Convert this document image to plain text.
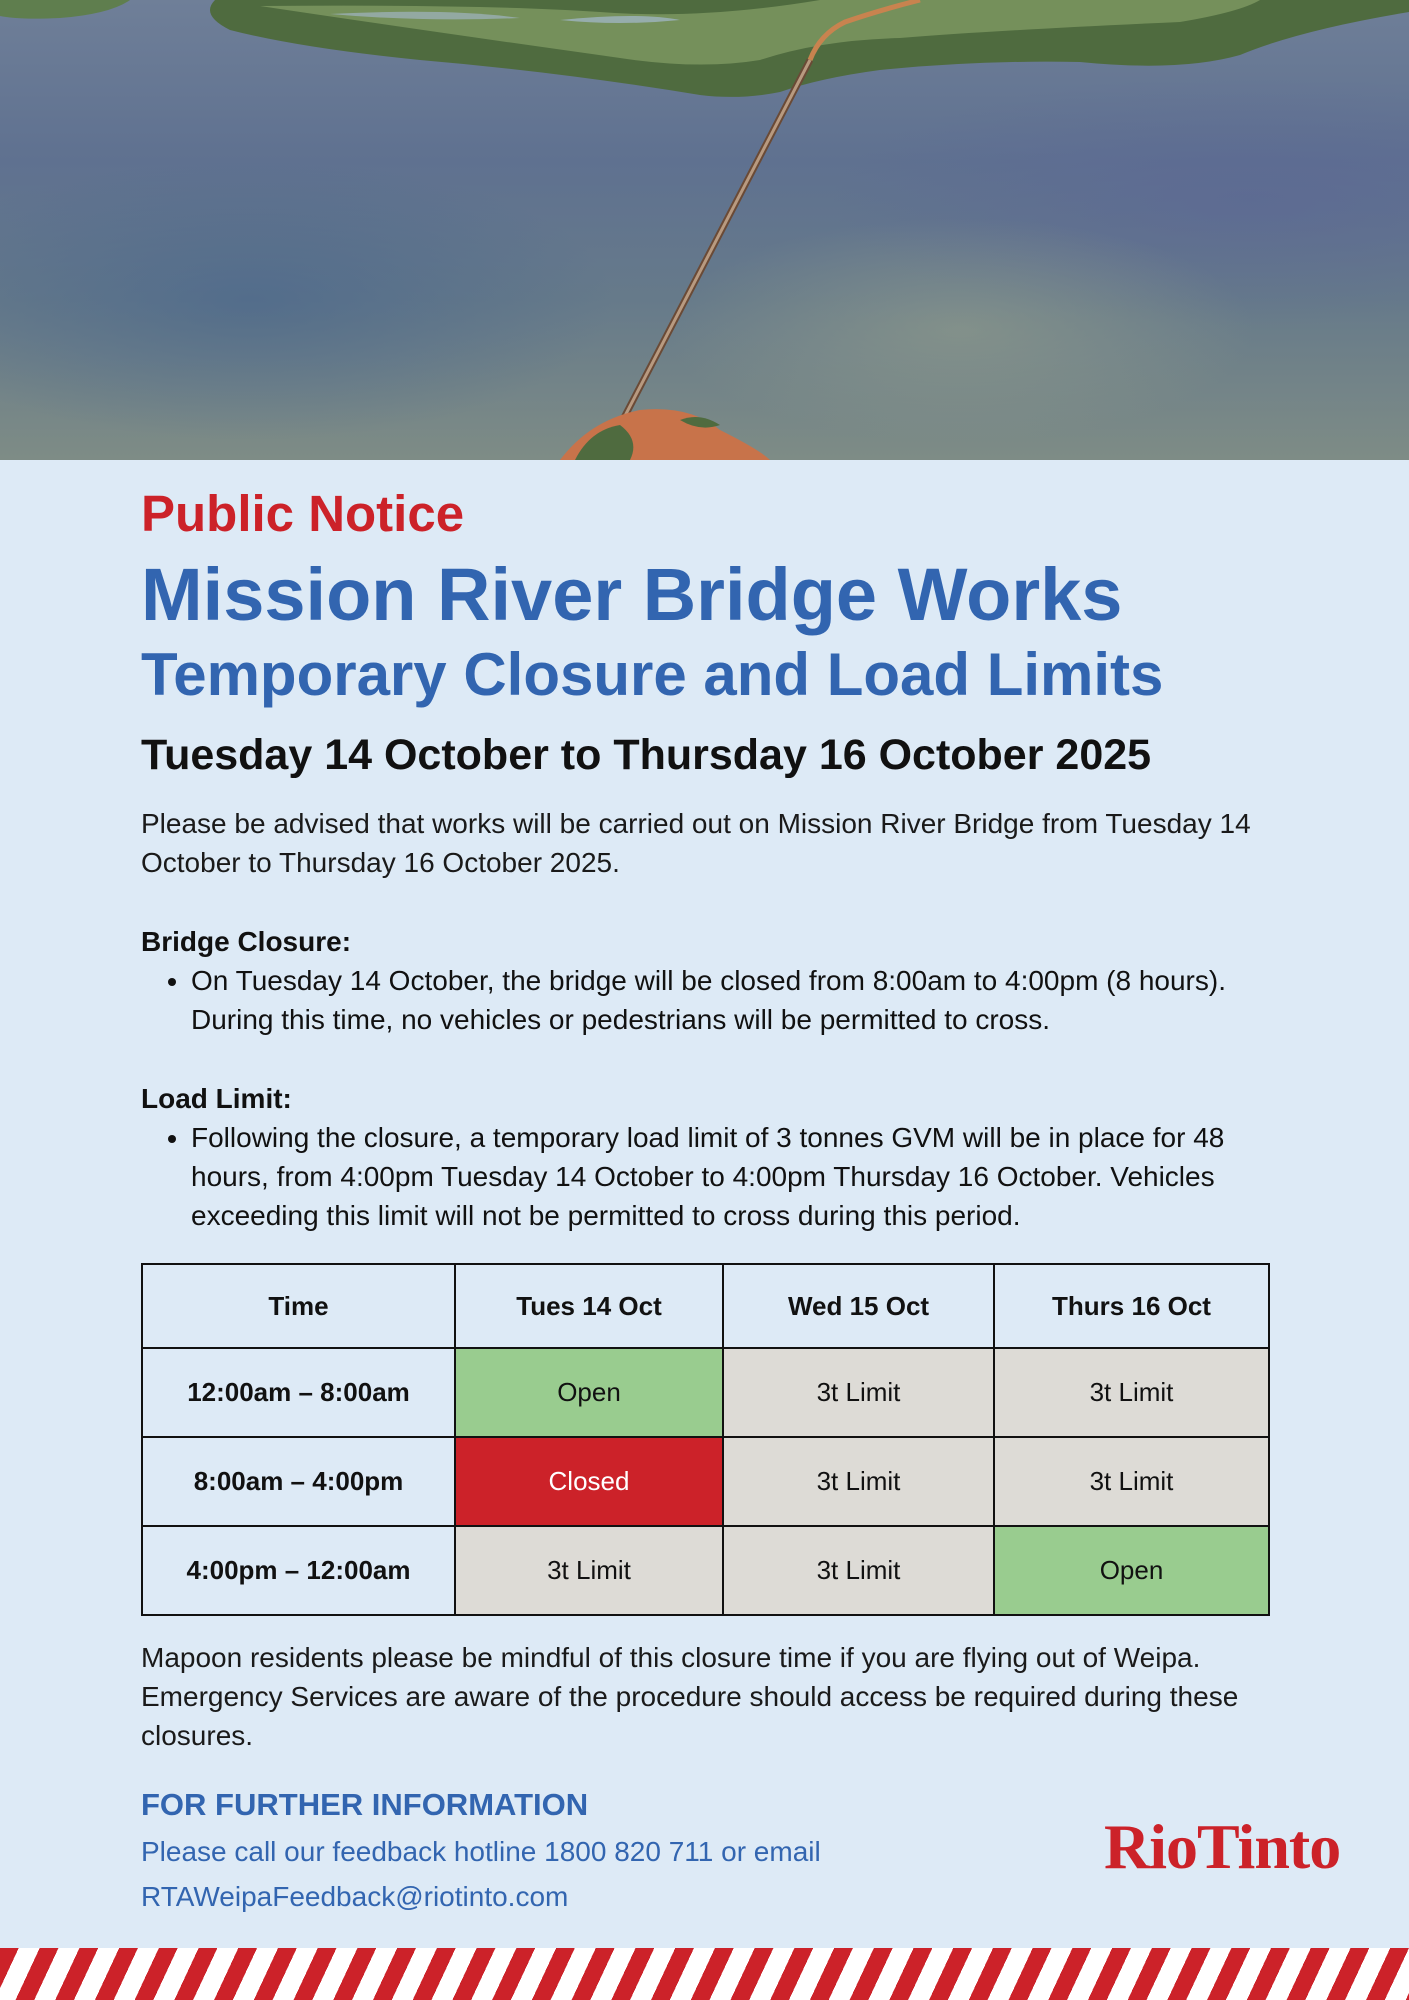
Public Notice
Mission River Bridge Works
Temporary Closure and Load Limits
Tuesday 14 October to Thursday 16 October 2025

Please be advised that works will be carried out on Mission River Bridge from Tuesday 14 October to Thursday 16 October 2025.

Bridge Closure:
• On Tuesday 14 October, the bridge will be closed from 8:00am to 4:00pm (8 hours). During this time, no vehicles or pedestrians will be permitted to cross.
Load Limit:
• Following the closure, a temporary load limit of 3 tonnes GVM will be in place for 48 hours, from 4:00pm Tuesday 14 October to 4:00pm Thursday 16 October. Vehicles exceeding this limit will not be permitted to cross during this period.
Time	Tues 14 Oct	Wed 15 Oct	Thurs 16 Oct
12:00am – 8:00am	Open	3t Limit	3t Limit
8:00am – 4:00pm	Closed	3t Limit	3t Limit
4:00pm – 12:00am	3t Limit	3t Limit	Open

Mapoon residents please be mindful of this closure time if you are flying out of Weipa. Emergency Services are aware of the procedure should access be required during these closures.

FOR FURTHER INFORMATION
Please call our feedback hotline 1800 820 711 or email RTAWeipaFeedback@riotinto.com
RioTinto
